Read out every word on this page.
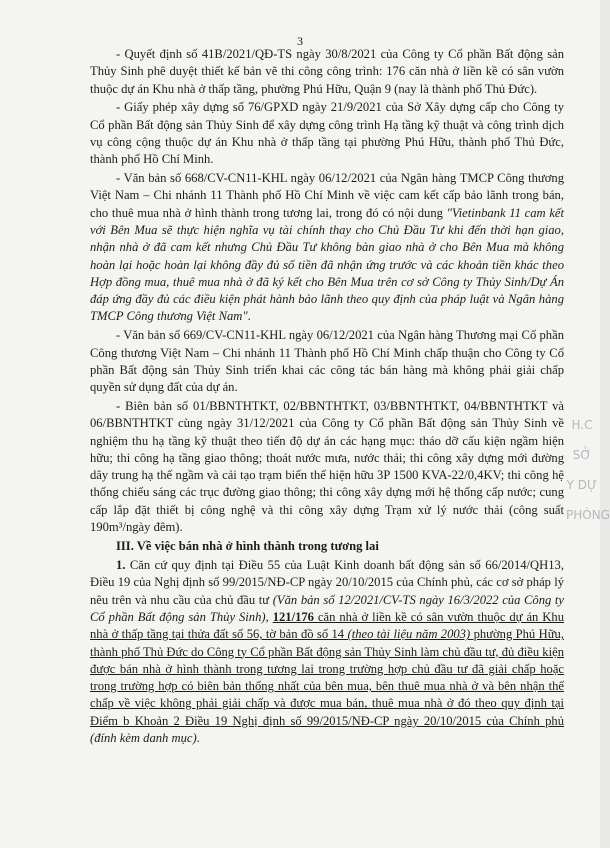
3

- Quyết định số 41B/2021/QĐ-TS ngày 30/8/2021 của Công ty Cổ phần Bất động sản Thủy Sinh phê duyệt thiết kế bản vẽ thi công công trình: 176 căn nhà ở liền kề có sân vườn thuộc dự án Khu nhà ở thấp tầng, phường Phú Hữu, Quận 9 (nay là thành phố Thủ Đức).

- Giấy phép xây dựng số 76/GPXD ngày 21/9/2021 của Sở Xây dựng cấp cho Công ty Cổ phần Bất động sản Thủy Sinh để xây dựng công trình Hạ tầng kỹ thuật và công trình dịch vụ công cộng thuộc dự án Khu nhà ở thấp tầng tại phường Phú Hữu, thành phố Thủ Đức, thành phố Hồ Chí Minh.

- Văn bản số 668/CV-CN11-KHL ngày 06/12/2021 của Ngân hàng TMCP Công thương Việt Nam – Chi nhánh 11 Thành phố Hồ Chí Minh về việc cam kết cấp bảo lãnh trong bán, cho thuê mua nhà ở hình thành trong tương lai, trong đó có nội dung "Vietinbank 11 cam kết với Bên Mua sẽ thực hiện nghĩa vụ tài chính thay cho Chủ Đầu Tư khi đến thời hạn giao, nhận nhà ở đã cam kết nhưng Chủ Đầu Tư không bàn giao nhà ở cho Bên Mua mà không hoàn lại hoặc hoàn lại không đầy đủ số tiền đã nhận ứng trước và các khoản tiền khác theo Hợp đồng mua, thuê mua nhà ở đã ký kết cho Bên Mua trên cơ sở Công ty Thủy Sinh/Dự Án đáp ứng đầy đủ các điều kiện phát hành bảo lãnh theo quy định của pháp luật và Ngân hàng TMCP Công thương Việt Nam".

- Văn bản số 669/CV-CN11-KHL ngày 06/12/2021 của Ngân hàng Thương mại Cổ phần Công thương Việt Nam – Chi nhánh 11 Thành phố Hồ Chí Minh chấp thuận cho Công ty Cổ phần Bất động sản Thủy Sinh triển khai các công tác bán hàng mà không phải giải chấp quyền sử dụng đất của dự án.

- Biên bản số 01/BBNTHTKT, 02/BBNTHTKT, 03/BBNTHTKT, 04/BBNTHTKT và 06/BBNTHTKT cùng ngày 31/12/2021 của Công ty Cổ phần Bất động sản Thủy Sinh về nghiệm thu hạ tầng kỹ thuật theo tiến độ dự án các hạng mục: tháo dỡ cấu kiện ngầm hiện hữu; thi công hạ tầng giao thông; thoát nước mưa, nước thải; thi công xây dựng mới đường dây trung hạ thế ngầm và cải tạo trạm biến thế hiện hữu 3P 1500 KVA-22/0,4KV; thi công hệ thống chiếu sáng các trục đường giao thông; thi công xây dựng mới hệ thống cấp nước; cung cấp lắp đặt thiết bị công nghệ và thi công xây dựng Trạm xử lý nước thải (công suất 190m³/ngày đêm).

III. Về việc bán nhà ở hình thành trong tương lai

1. Căn cứ quy định tại Điều 55 của Luật Kinh doanh bất động sản số 66/2014/QH13, Điều 19 của Nghị định số 99/2015/NĐ-CP ngày 20/10/2015 của Chính phủ, các cơ sở pháp lý nêu trên và nhu cầu của chủ đầu tư (Văn bản số 12/2021/CV-TS ngày 16/3/2022 của Công ty Cổ phần Bất động sản Thủy Sinh), 121/176 căn nhà ở liền kề có sân vườn thuộc dự án Khu nhà ở thấp tầng tại thửa đất số 56, tờ bản đồ số 14 (theo tài liệu năm 2003) phường Phú Hữu, thành phố Thủ Đức do Công ty Cổ phần Bất động sản Thủy Sinh làm chủ đầu tư, đủ điều kiện được bán nhà ở hình thành trong tương lai trong trường hợp chủ đầu tư đã giải chấp hoặc trong trường hợp có biên bản thống nhất của bên mua, bên thuê mua nhà ở và bên nhận thế chấp về việc không phải giải chấp và được mua bán, thuê mua nhà ở đó theo quy định tại Điểm b Khoản 2 Điều 19 Nghị định số 99/2015/NĐ-CP ngày 20/10/2015 của Chính phủ (đính kèm danh mục).

H.C
SỞ
Y DỰ
PHÒNG
